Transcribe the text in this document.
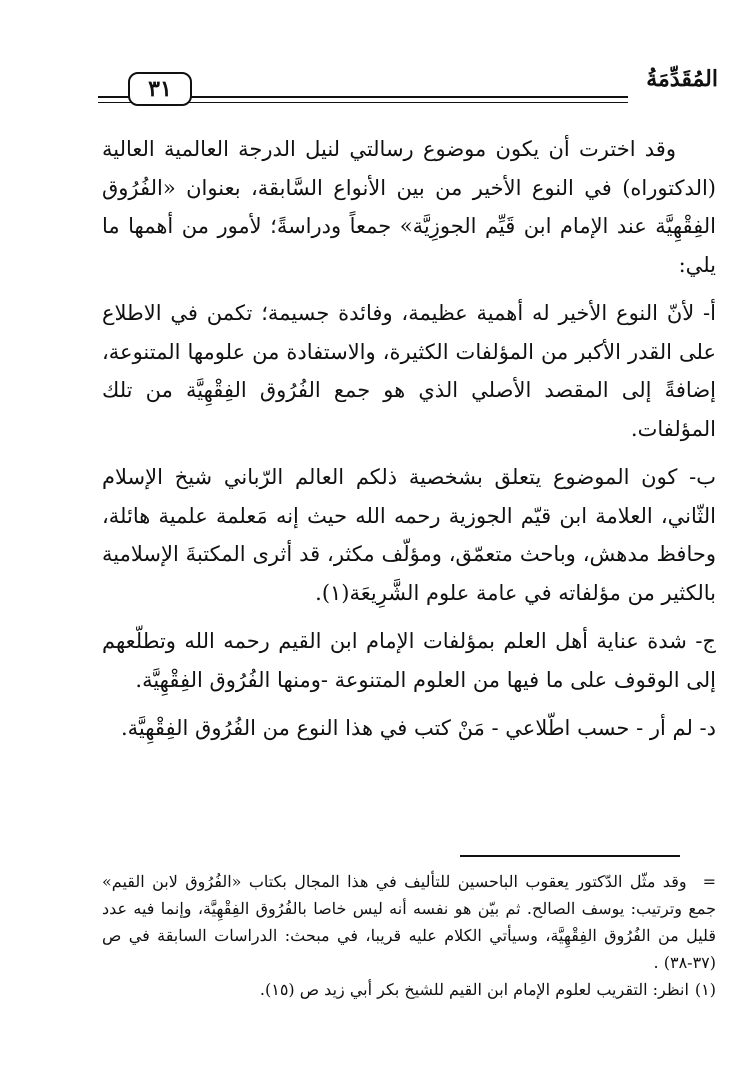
٣١	المُقَدِّمَةُ

وقد اخترت أن يكون موضوع رسالتي لنيل الدرجة العالمية العالية (الدكتوراه) في النوع الأخير من بين الأنواع السَّابقة، بعنوان «الفُرُوق الفِقْهِيَّة عند الإمام ابن قَيِّم الجوزِيَّة» جمعاً ودراسةً؛ لأمور من أهمها ما يلي:

أ- لأنّ النوع الأخير له أهمية عظيمة، وفائدة جسيمة؛ تكمن في الاطلاع على القدر الأكبر من المؤلفات الكثيرة، والاستفادة من علومها المتنوعة، إضافةً إلى المقصد الأصلي الذي هو جمع الفُرُوق الفِقْهِيَّة من تلك المؤلفات.

ب- كون الموضوع يتعلق بشخصية ذلكم العالم الرّباني شيخ الإسلام الثّاني، العلامة ابن قيّم الجوزية رحمه الله حيث إنه مَعلمة علمية هائلة، وحافظ مدهش، وباحث متعمّق، ومؤلّف مكثر، قد أثرى المكتبةَ الإسلامية بالكثير من مؤلفاته في عامة علوم الشَّرِيعَة(١).

ج- شدة عناية أهل العلم بمؤلفات الإمام ابن القيم رحمه الله وتطلّعهم إلى الوقوف على ما فيها من العلوم المتنوعة -ومنها الفُرُوق الفِقْهِيَّة.

د- لم أر - حسب اطّلاعي - مَنْ كتب في هذا النوع من الفُرُوق الفِقْهِيَّة.

= وقد مثّل الدّكتور يعقوب الباحسين للتأليف في هذا المجال بكتاب «الفُرُوق لابن القيم» جمع وترتيب: يوسف الصالح. ثم بيّن هو نفسه أنه ليس خاصا بالفُرُوق الفِقْهِيَّة، وإنما فيه عدد قليل من الفُرُوق الفِقْهِيَّة، وسيأتي الكلام عليه قريبا، في مبحث: الدراسات السابقة في ص (٣٧-٣٨) .

(١) انظر: التقريب لعلوم الإمام ابن القيم للشيخ بكر أبي زيد ص (١٥).
